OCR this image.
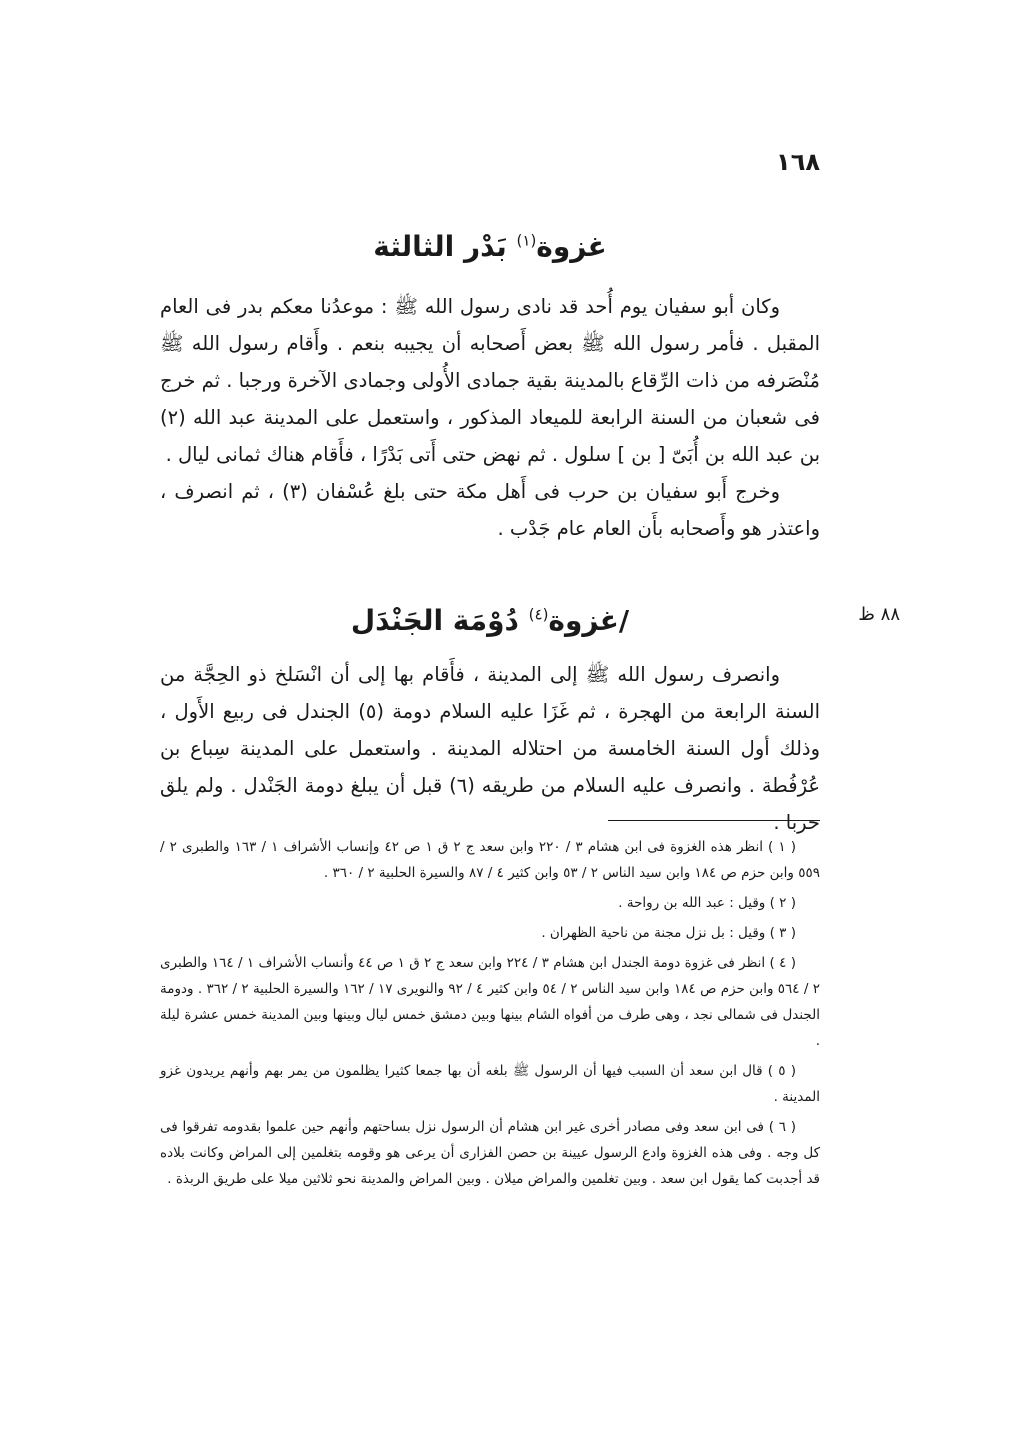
١٦٨
غزوة$^{(١)}$ بَدْر الثالثة

وكان أبو سفيان يوم أُحد قد نادى رسول الله ﷺ : موعدُنا معكم بدر فى العام المقبل . فأمر رسول الله ﷺ بعض أَصحابه أن يجيبه بنعم . وأَقام رسول الله ﷺ مُنْصَرفه من ذات الرِّقاع بالمدينة بقية جمادى الأُولى وجمادى الآخرة ورجبا . ثم خرج فى شعبان من السنة الرابعة للميعاد المذكور ، واستعمل على المدينة عبد الله (٢) بن عبد الله بن أُبَىّ [ بن ] سلول . ثم نهض حتى أَتى بَدْرًا ، فأَقام هناك ثمانى ليال .

وخرج أَبو سفيان بن حرب فى أَهل مكة حتى بلغ عُسْفان (٣) ، ثم انصرف ، واعتذر هو وأَصحابه بأَن العام عام جَدْب .

٨٨ ظ
/غزوة$^{(٤)}$ دُوْمَة الجَنْدَل

وانصرف رسول الله ﷺ إلى المدينة ، فأَقام بها إلى أن انْسَلخ ذو الحِجَّة من السنة الرابعة من الهجرة ، ثم غَزَا عليه السلام دومة (٥) الجندل فى ربيع الأَول ، وذلك أول السنة الخامسة من احتلاله المدينة . واستعمل على المدينة سِباع بن عُرْفُطة . وانصرف عليه السلام من طريقه (٦) قبل أن يبلغ دومة الجَنْدل . ولم يلق حربا .

( ١ ) انظر هذه الغزوة فى ابن هشام ٣ / ٢٢٠ وابن سعد ج ٢ ق ١ ص ٤٢ وإنساب الأشراف ١ / ١٦٣ والطبرى ٢ / ٥٥٩ وابن حزم ص ١٨٤ وابن سيد الناس ٢ / ٥٣ وابن كثير ٤ / ٨٧ والسيرة الحلبية ٢ / ٣٦٠ .

( ٢ ) وقيل : عبد الله بن رواحة .

( ٣ ) وقيل : بل نزل مجنة من ناحية الظهران .

( ٤ ) انظر فى غزوة دومة الجندل ابن هشام ٣ / ٢٢٤ وابن سعد ج ٢ ق ١ ص ٤٤ وأنساب الأشراف ١ / ١٦٤ والطبرى ٢ / ٥٦٤ وابن حزم ص ١٨٤ وابن سيد الناس ٢ / ٥٤ وابن كثير ٤ / ٩٢ والنويرى ١٧ / ١٦٢ والسيرة الحلبية ٢ / ٣٦٢ . ودومة الجندل فى شمالى نجد ، وهى طرف من أفواه الشام بينها وبين دمشق خمس ليال وبينها وبين المدينة خمس عشرة ليلة .

( ٥ ) قال ابن سعد أن السبب فيها أن الرسول ﷺ بلغه أن بها جمعا كثيرا يظلمون من يمر بهم وأنهم يريدون غزو المدينة .

( ٦ ) فى ابن سعد وفى مصادر أخرى غير ابن هشام أن الرسول نزل بساحتهم وأنهم حين علموا بقدومه تفرقوا فى كل وجه . وفى هذه الغزوة وادع الرسول عيينة بن حصن الفزارى أن يرعى هو وقومه بتغلمين إلى المراض وكانت بلاده قد أجدبت كما يقول ابن سعد . وبين تغلمين والمراض ميلان . وبين المراض والمدينة نحو ثلاثين ميلا على طريق الربذة .
